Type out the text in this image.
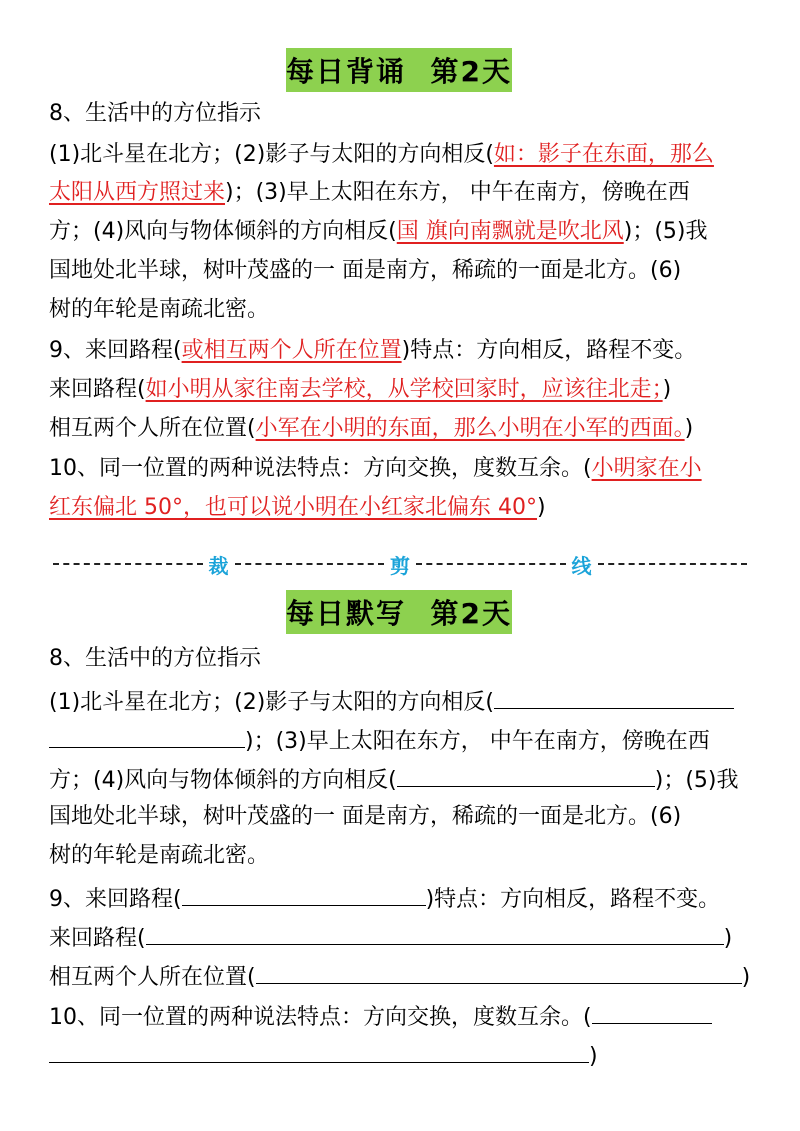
每日背诵 第2天
8、生活中的方位指示
(1)北斗星在北方；(2)影子与太阳的方向相反(如：影子在东面，那么
太阳从西方照过来)；(3)早上太阳在东方， 中午在南方，傍晚在西
方；(4)风向与物体倾斜的方向相反(国 旗向南飘就是吹北风)；(5)我
国地处北半球，树叶茂盛的一 面是南方，稀疏的一面是北方。(6)
树的年轮是南疏北密。
9、来回路程(或相互两个人所在位置)特点：方向相反，路程不变。
来回路程(如小明从家往南去学校，从学校回家时，应该往北走；)
相互两个人所在位置(小军在小明的东面，那么小明在小军的西面。)
10、同一位置的两种说法特点：方向交换，度数互余。(小明家在小
红东偏北 50°，也可以说小明在小红家北偏东 40°)
裁	剪	线
每日默写 第2天
8、生活中的方位指示
(1)北斗星在北方；(2)影子与太阳的方向相反(
)；(3)早上太阳在东方， 中午在南方，傍晚在西
方；(4)风向与物体倾斜的方向相反(	)；(5)我
国地处北半球，树叶茂盛的一 面是南方，稀疏的一面是北方。(6)
树的年轮是南疏北密。
9、来回路程(	)特点：方向相反，路程不变。
来回路程(	)
相互两个人所在位置(	)
10、同一位置的两种说法特点：方向交换，度数互余。(
)
